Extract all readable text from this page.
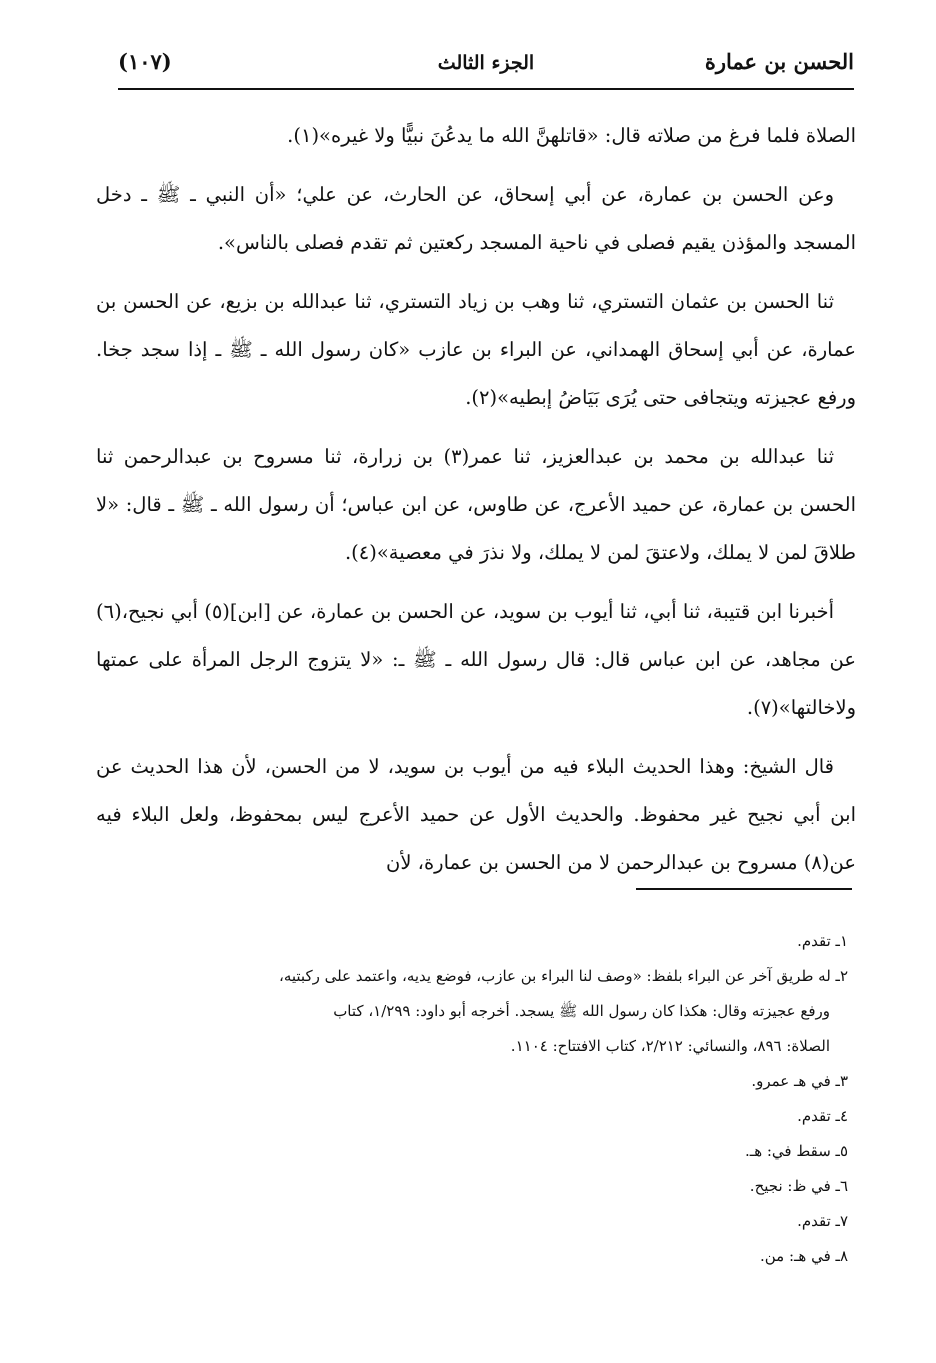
الحسن بن عمارة
الجزء الثالث
(١٠٧)

الصلاة فلما فرغ من صلاته قال: «قاتلهنَّ الله ما يدعُنَ نبيًّا ولا غيره»(١).

وعن الحسن بن عمارة، عن أبي إسحاق، عن الحارث، عن علي؛ «أن النبي ـ ﷺ ـ دخل المسجد والمؤذن يقيم فصلى في ناحية المسجد ركعتين ثم تقدم فصلى بالناس».

ثنا الحسن بن عثمان التستري، ثنا وهب بن زياد التستري، ثنا عبدالله بن بزيع، عن الحسن بن عمارة، عن أبي إسحاق الهمداني، عن البراء بن عازب «كان رسول الله ـ ﷺ ـ إذا سجد جخا. ورفع عجيزته ويتجافى حتى يُرَى بَيَاضُ إبطيه»(٢).

ثنا عبدالله بن محمد بن عبدالعزيز، ثنا عمر(٣) بن زرارة، ثنا مسروح بن عبدالرحمن ثنا الحسن بن عمارة، عن حميد الأعرج، عن طاوس، عن ابن عباس؛ أن رسول الله ـ ﷺ ـ قال: «لا طلاقَ لمن لا يملك، ولاعتقَ لمن لا يملك، ولا نذرَ في معصية»(٤).

أخبرنا ابن قتيبة، ثنا أبي، ثنا أيوب بن سويد، عن الحسن بن عمارة، عن [ابن](٥) أبي نجيح،(٦) عن مجاهد، عن ابن عباس قال: قال رسول الله ـ ﷺ ـ: «لا يتزوج الرجل المرأة على عمتها ولاخالتها»(٧).

قال الشيخ: وهذا الحديث البلاء فيه من أيوب بن سويد، لا من الحسن، لأن هذا الحديث عن ابن أبي نجيح غير محفوظ. والحديث الأول عن حميد الأعرج ليس بمحفوظ، ولعل البلاء فيه عن(٨) مسروح بن عبدالرحمن لا من الحسن بن عمارة، لأن

١ـ تقدم.

٢ـ له طريق آخر عن البراء بلفظ: «وصف لنا البراء بن عازب، فوضع يديه، واعتمد على ركبتيه،

ورفع عجيزته وقال: هكذا كان رسول الله ﷺ يسجد. أخرجه أبو داود: ١/٢٩٩، كتاب

الصلاة: ٨٩٦، والنسائي: ٢/٢١٢، كتاب الافتتاح: ١١٠٤.

٣ـ في هـ عمرو.

٤ـ تقدم.

٥ـ سقط في: هـ.

٦ـ في ظ: نجيح.

٧ـ تقدم.

٨ـ في هـ: من.
